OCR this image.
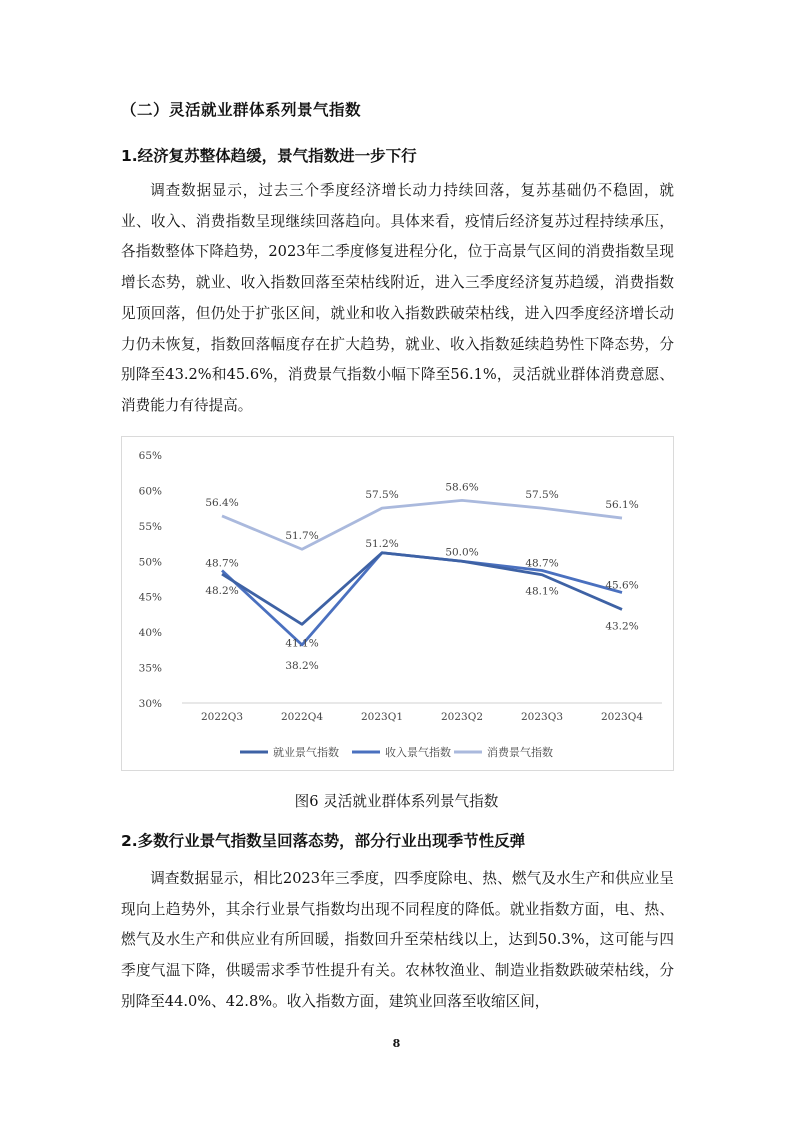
（二）灵活就业群体系列景气指数
1.经济复苏整体趋缓，景气指数进一步下行
调查数据显示，过去三个季度经济增长动力持续回落，复苏基础仍不稳固，就业、收入、消费指数呈现继续回落趋向。具体来看，疫情后经济复苏过程持续承压，各指数整体下降趋势，2023年二季度修复进程分化，位于高景气区间的消费指数呈现增长态势，就业、收入指数回落至荣枯线附近，进入三季度经济复苏趋缓，消费指数见顶回落，但仍处于扩张区间，就业和收入指数跌破荣枯线，进入四季度经济增长动力仍未恢复，指数回落幅度存在扩大趋势，就业、收入指数延续趋势性下降态势，分别降至43.2%和45.6%，消费景气指数小幅下降至56.1%，灵活就业群体消费意愿、消费能力有待提高。
30%
35%
40%
45%
50%
55%
60%
65%
2022Q3	2022Q4	2023Q1	2023Q2	2023Q3	2023Q4
48.2%
41.1%
51.2%
50.0%
48.1%
43.2%
48.7%
38.2%
48.7%
45.6%
56.4%
51.7%
57.5%
58.6%
57.5%
56.1%
就业景气指数	收入景气指数	消费景气指数
图6 灵活就业群体系列景气指数
2.多数行业景气指数呈回落态势，部分行业出现季节性反弹
调查数据显示，相比2023年三季度，四季度除电、热、燃气及水生产和供应业呈现向上趋势外，其余行业景气指数均出现不同程度的降低。就业指数方面，电、热、燃气及水生产和供应业有所回暖，指数回升至荣枯线以上，达到50.3%，这可能与四季度气温下降，供暖需求季节性提升有关。农林牧渔业、制造业指数跌破荣枯线，分别降至44.0%、42.8%。收入指数方面，建筑业回落至收缩区间，
8
